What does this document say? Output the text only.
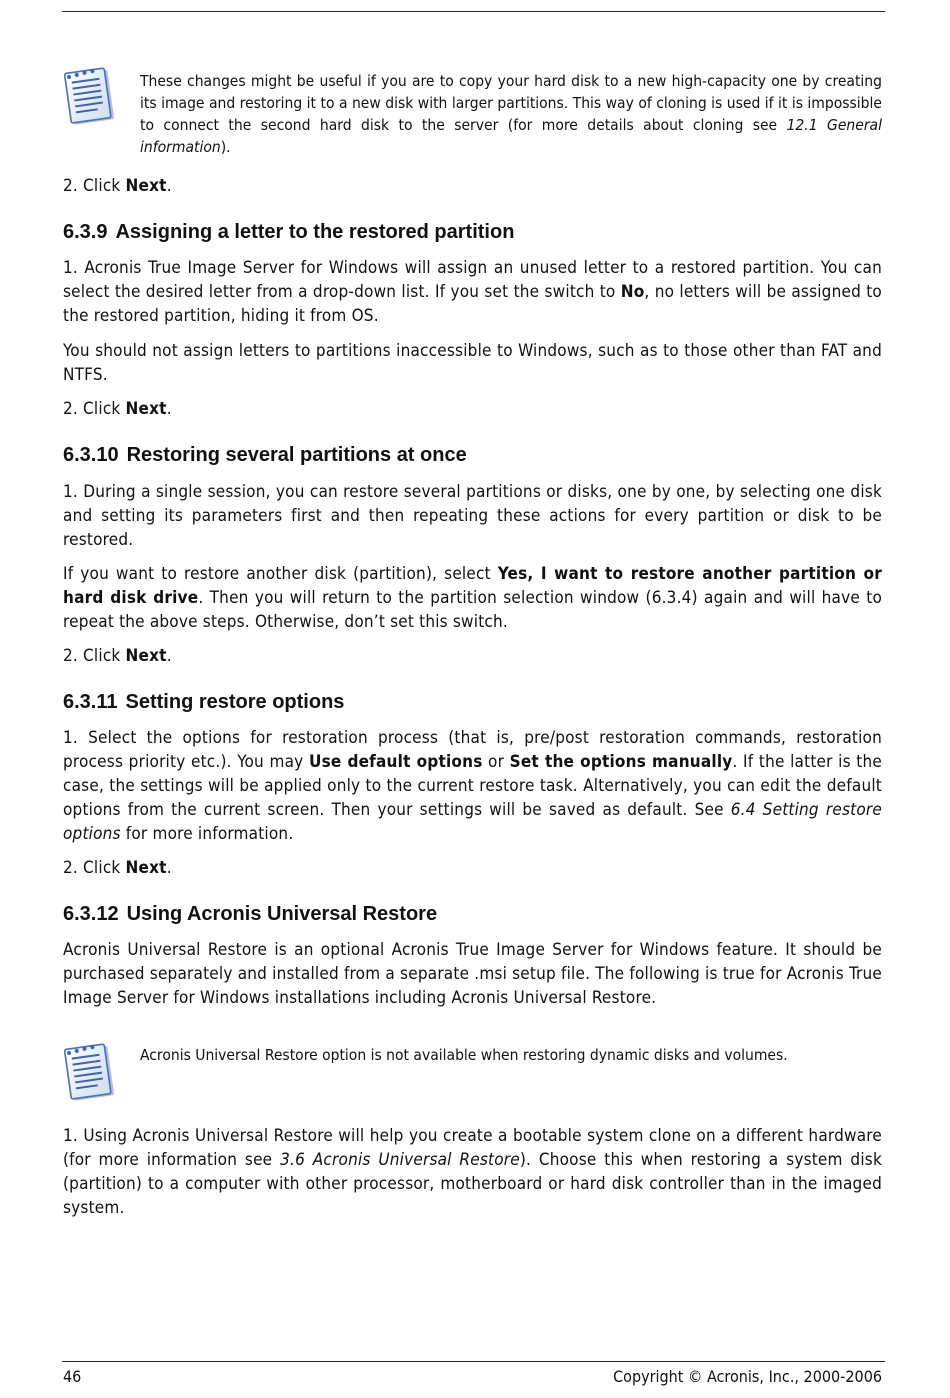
These changes might be useful if you are to copy your hard disk to a new high-capacity one by creating its image and restoring it to a new disk with larger partitions. This way of cloning is used if it is impossible to connect the second hard disk to the server (for more details about cloning see 12.1 General information).

2. Click Next.

6.3.9 Assigning a letter to the restored partition

1. Acronis True Image Server for Windows will assign an unused letter to a restored partition. You can select the desired letter from a drop-down list. If you set the switch to No, no letters will be assigned to the restored partition, hiding it from OS.

You should not assign letters to partitions inaccessible to Windows, such as to those other than FAT and NTFS.

2. Click Next.

6.3.10 Restoring several partitions at once

1. During a single session, you can restore several partitions or disks, one by one, by selecting one disk and setting its parameters first and then repeating these actions for every partition or disk to be restored.

If you want to restore another disk (partition), select Yes, I want to restore another partition or hard disk drive. Then you will return to the partition selection window (6.3.4) again and will have to repeat the above steps. Otherwise, don’t set this switch.

2. Click Next.

6.3.11 Setting restore options

1. Select the options for restoration process (that is, pre/post restoration commands, restoration process priority etc.). You may Use default options or Set the options manually. If the latter is the case, the settings will be applied only to the current restore task. Alternatively, you can edit the default options from the current screen. Then your settings will be saved as default. See 6.4 Setting restore options for more information.

2. Click Next.

6.3.12 Using Acronis Universal Restore

Acronis Universal Restore is an optional Acronis True Image Server for Windows feature. It should be purchased separately and installed from a separate .msi setup file. The following is true for Acronis True Image Server for Windows installations including Acronis Universal Restore.

Acronis Universal Restore option is not available when restoring dynamic disks and volumes.

1. Using Acronis Universal Restore will help you create a bootable system clone on a different hardware (for more information see 3.6 Acronis Universal Restore). Choose this when restoring a system disk (partition) to a computer with other processor, motherboard or hard disk controller than in the imaged system.

46	Copyright © Acronis, Inc., 2000-2006
